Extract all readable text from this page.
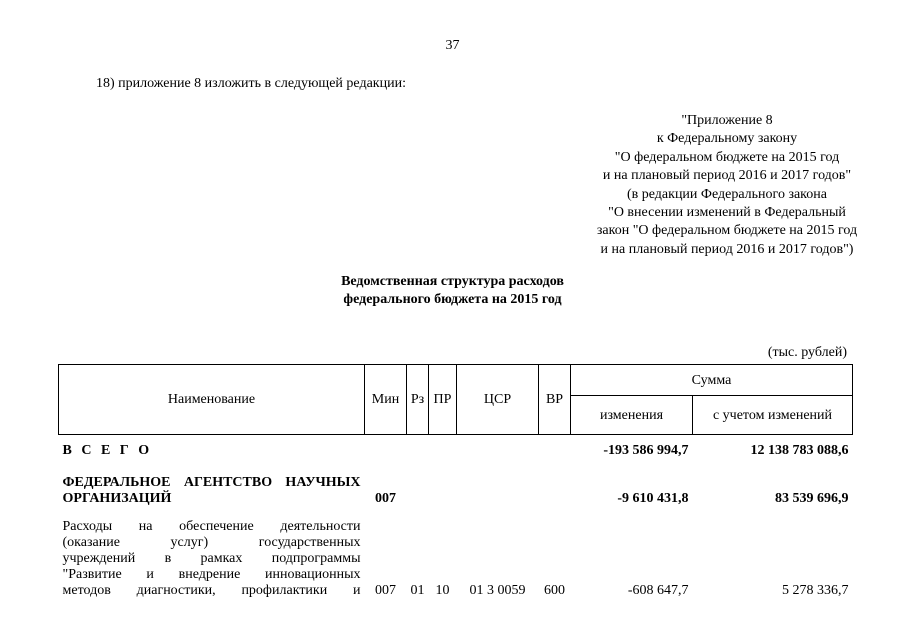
37
18) приложение 8 изложить в следующей редакции:
"Приложение 8
к Федеральному закону
"О федеральном бюджете на 2015 год
и на плановый период 2016 и 2017 годов"
(в редакции Федерального закона
"О внесении изменений в Федеральный
закон "О федеральном бюджете на 2015 год
и на плановый период 2016 и 2017 годов")
Ведомственная структура расходов
федерального бюджета на 2015 год
(тыс. рублей)
Наименование	Мин	Рз	ПР	ЦСР	ВР	Сумма	
						изменения	с учетом изменений
В С Е Г О						-193 586 994,7	12 138 783 088,6

ФЕДЕРАЛЬНОЕ АГЕНТСТВО НАУЧНЫХ
ОРГАНИЗАЦИЙ	007					-9 610 431,8	83 539 696,9

Расходы на обеспечение деятельности
(оказание услуг) государственных
учреждений в рамках подпрограммы
"Развитие и внедрение инновационных
методов диагностики, профилактики и	007	01	10	01 3 0059	600	-608 647,7	5 278 336,7
